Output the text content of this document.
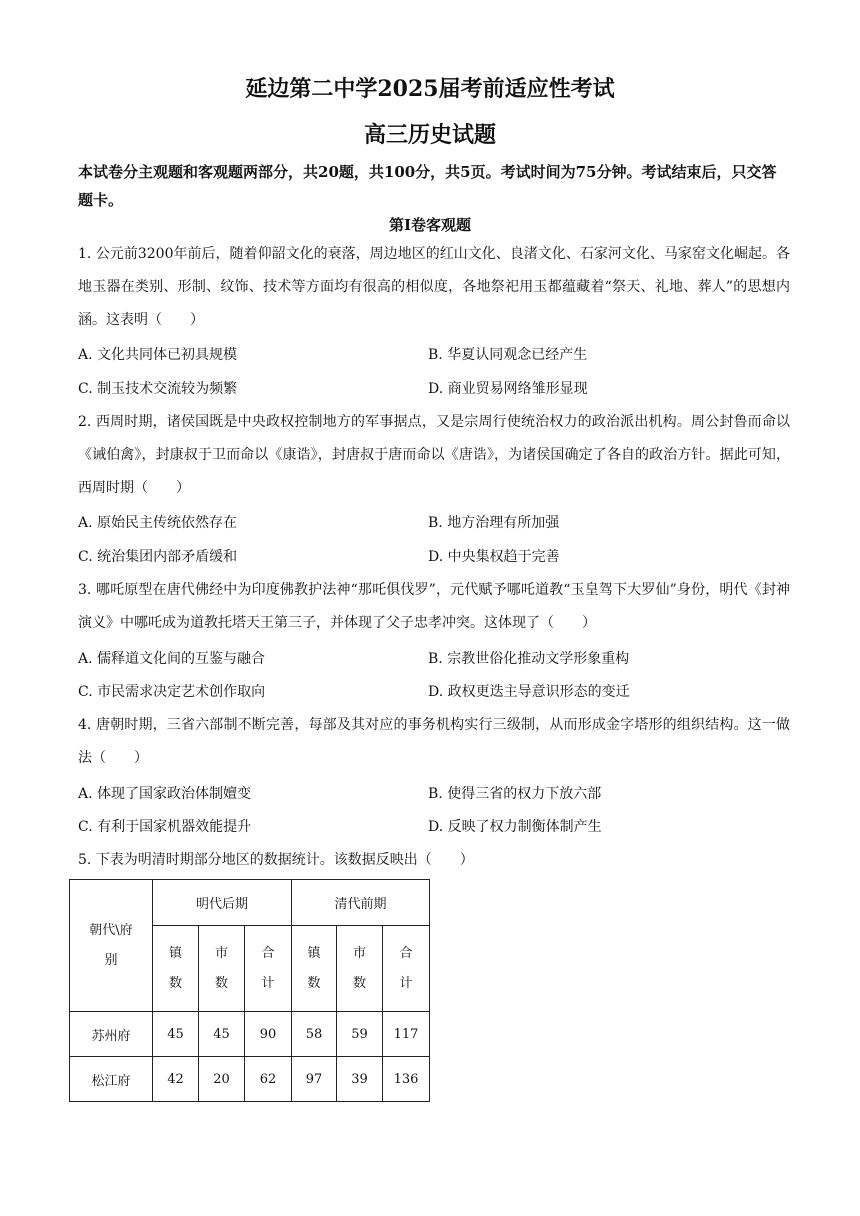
延边第二中学2025届考前适应性考试
高三历史试题
本试卷分主观题和客观题两部分，共20题，共100分，共5页。考试时间为75分钟。考试结束后，只交答题卡。
第Ⅰ卷客观题
1. 公元前3200年前后，随着仰韶文化的衰落，周边地区的红山文化、良渚文化、石家河文化、马家窑文化崛起。各地玉器在类别、形制、纹饰、技术等方面均有很高的相似度，各地祭祀用玉都蕴藏着“祭天、礼地、葬人”的思想内涵。这表明（　　）
A. 文化共同体已初具规模	B. 华夏认同观念已经产生
C. 制玉技术交流较为频繁	D. 商业贸易网络雏形显现
2. 西周时期，诸侯国既是中央政权控制地方的军事据点，又是宗周行使统治权力的政治派出机构。周公封鲁而命以《诫伯禽》，封康叔于卫而命以《康诰》，封唐叔于唐而命以《唐诰》，为诸侯国确定了各自的政治方针。据此可知，西周时期（　　）
A. 原始民主传统依然存在	B. 地方治理有所加强
C. 统治集团内部矛盾缓和	D. 中央集权趋于完善
3. 哪吒原型在唐代佛经中为印度佛教护法神“那吒俱伐罗”，元代赋予哪吒道教“玉皇驾下大罗仙”身份，明代《封神演义》中哪吒成为道教托塔天王第三子，并体现了父子忠孝冲突。这体现了（　　）
A. 儒释道文化间的互鉴与融合	B. 宗教世俗化推动文学形象重构
C. 市民需求决定艺术创作取向	D. 政权更迭主导意识形态的变迁
4. 唐朝时期，三省六部制不断完善，每部及其对应的事务机构实行三级制，从而形成金字塔形的组织结构。这一做法（　　）
A. 体现了国家政治体制嬗变	B. 使得三省的权力下放六部
C. 有利于国家机器效能提升	D. 反映了权力制衡体制产生
5. 下表为明清时期部分地区的数据统计。该数据反映出（　　）
朝代\府别	明代后期			清代前期		

	镇数	市数	合计	镇数	市数	合计

苏州府	45	45	90	58	59	117
松江府	42	20	62	97	39	136
